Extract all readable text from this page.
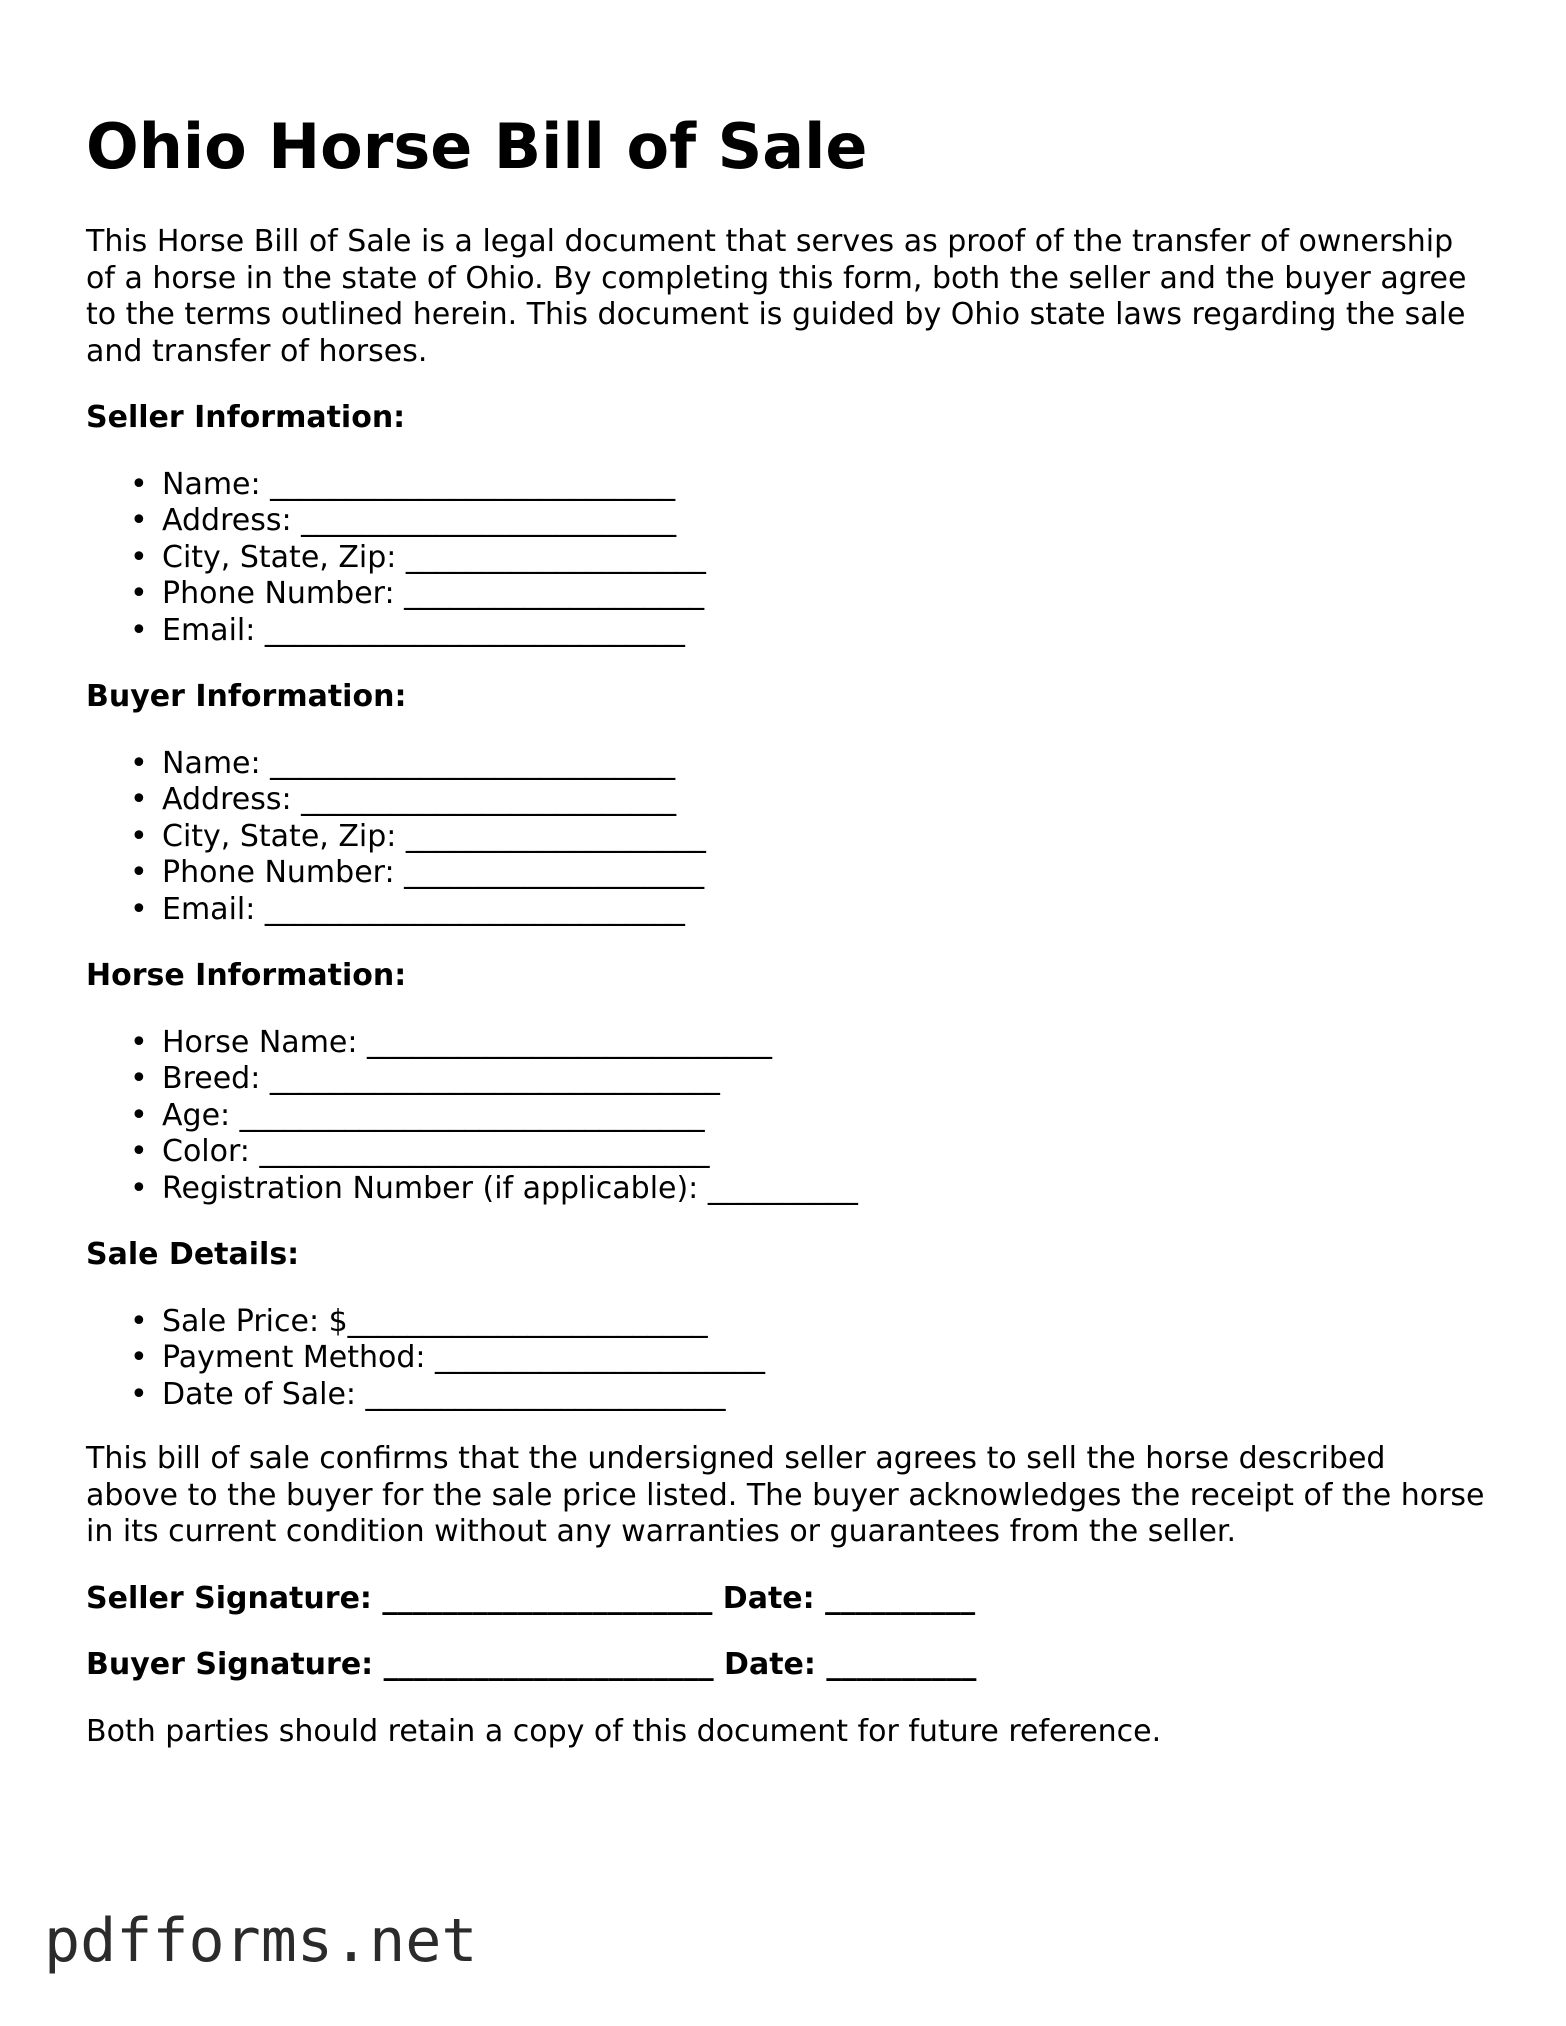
Ohio Horse Bill of Sale

This Horse Bill of Sale is a legal document that serves as proof of the transfer of ownership of a horse in the state of Ohio. By completing this form, both the seller and the buyer agree to the terms outlined herein. This document is guided by Ohio state laws regarding the sale and transfer of horses.

Seller Information:
• Name: ___________________________
• Address: _________________________
• City, State, Zip: ____________________
• Phone Number: ____________________
• Email: ____________________________
Buyer Information:
• Name: ___________________________
• Address: _________________________
• City, State, Zip: ____________________
• Phone Number: ____________________
• Email: ____________________________
Horse Information:
• Horse Name: ___________________________
• Breed: ______________________________
• Age: _______________________________
• Color: ______________________________
• Registration Number (if applicable): __________
Sale Details:
• Sale Price: $________________________
• Payment Method: ______________________
• Date of Sale: ________________________

This bill of sale confirms that the undersigned seller agrees to sell the horse described above to the buyer for the sale price listed. The buyer acknowledges the receipt of the horse in its current condition without any warranties or guarantees from the seller.

Seller Signature: ______________________ Date: __________
Buyer Signature: ______________________ Date: __________

Both parties should retain a copy of this document for future reference.

pdfforms.net
